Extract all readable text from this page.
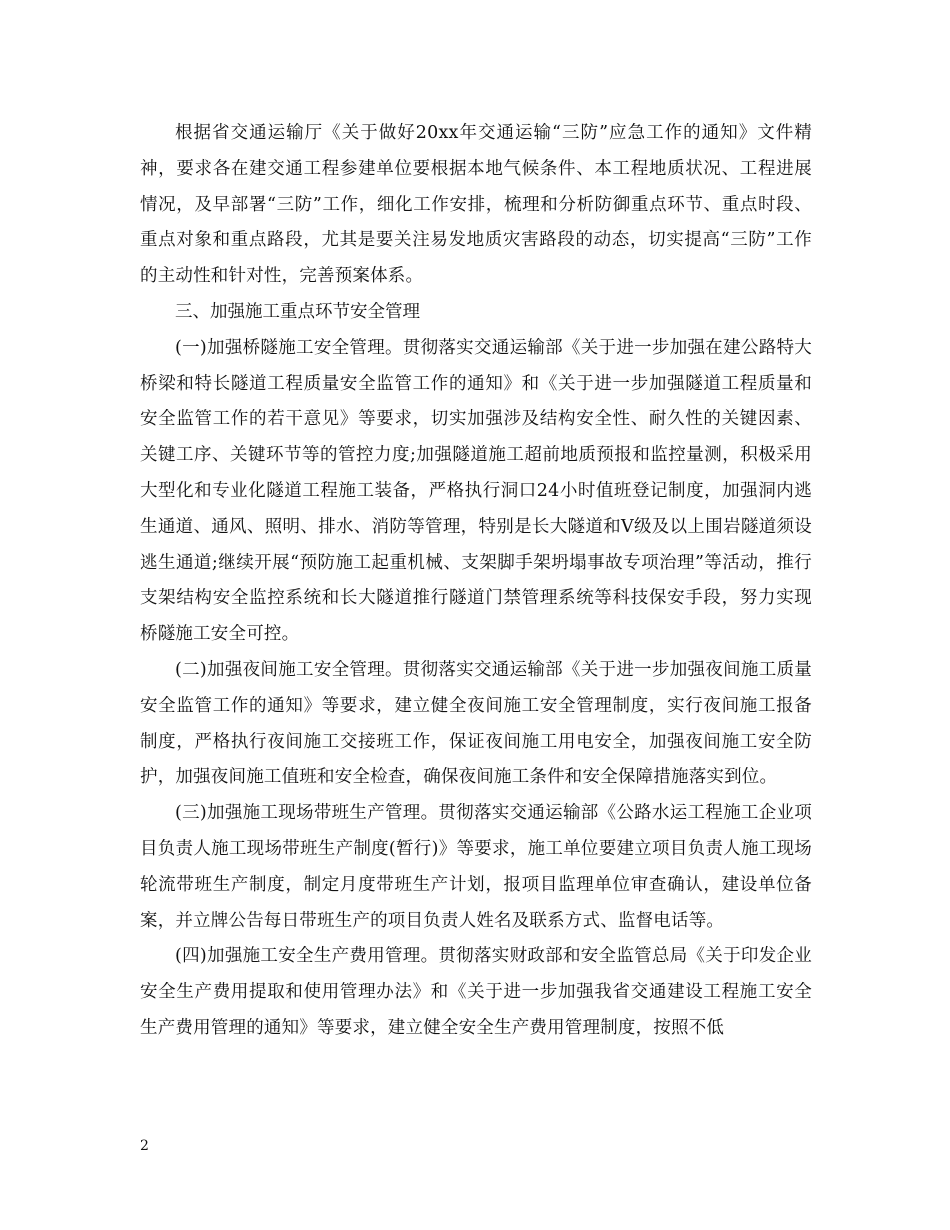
根据省交通运输厅《关于做好20xx年交通运输“三防”应急工作的通知》文件精神，要求各在建交通工程参建单位要根据本地气候条件、本工程地质状况、工程进展情况，及早部署“三防”工作，细化工作安排，梳理和分析防御重点环节、重点时段、重点对象和重点路段，尤其是要关注易发地质灾害路段的动态，切实提高“三防”工作的主动性和针对性，完善预案体系。

三、加强施工重点环节安全管理

(一)加强桥隧施工安全管理。贯彻落实交通运输部《关于进一步加强在建公路特大桥梁和特长隧道工程质量安全监管工作的通知》和《关于进一步加强隧道工程质量和安全监管工作的若干意见》等要求，切实加强涉及结构安全性、耐久性的关键因素、关键工序、关键环节等的管控力度;加强隧道施工超前地质预报和监控量测，积极采用大型化和专业化隧道工程施工装备，严格执行洞口24小时值班登记制度，加强洞内逃生通道、通风、照明、排水、消防等管理，特别是长大隧道和V级及以上围岩隧道须设逃生通道;继续开展“预防施工起重机械、支架脚手架坍塌事故专项治理”等活动，推行支架结构安全监控系统和长大隧道推行隧道门禁管理系统等科技保安手段，努力实现桥隧施工安全可控。

(二)加强夜间施工安全管理。贯彻落实交通运输部《关于进一步加强夜间施工质量安全监管工作的通知》等要求，建立健全夜间施工安全管理制度，实行夜间施工报备制度，严格执行夜间施工交接班工作，保证夜间施工用电安全，加强夜间施工安全防护，加强夜间施工值班和安全检查，确保夜间施工条件和安全保障措施落实到位。

(三)加强施工现场带班生产管理。贯彻落实交通运输部《公路水运工程施工企业项目负责人施工现场带班生产制度(暂行)》等要求，施工单位要建立项目负责人施工现场轮流带班生产制度，制定月度带班生产计划，报项目监理单位审查确认，建设单位备案，并立牌公告每日带班生产的项目负责人姓名及联系方式、监督电话等。

(四)加强施工安全生产费用管理。贯彻落实财政部和安全监管总局《关于印发企业安全生产费用提取和使用管理办法》和《关于进一步加强我省交通建设工程施工安全生产费用管理的通知》等要求，建立健全安全生产费用管理制度，按照不低

2
